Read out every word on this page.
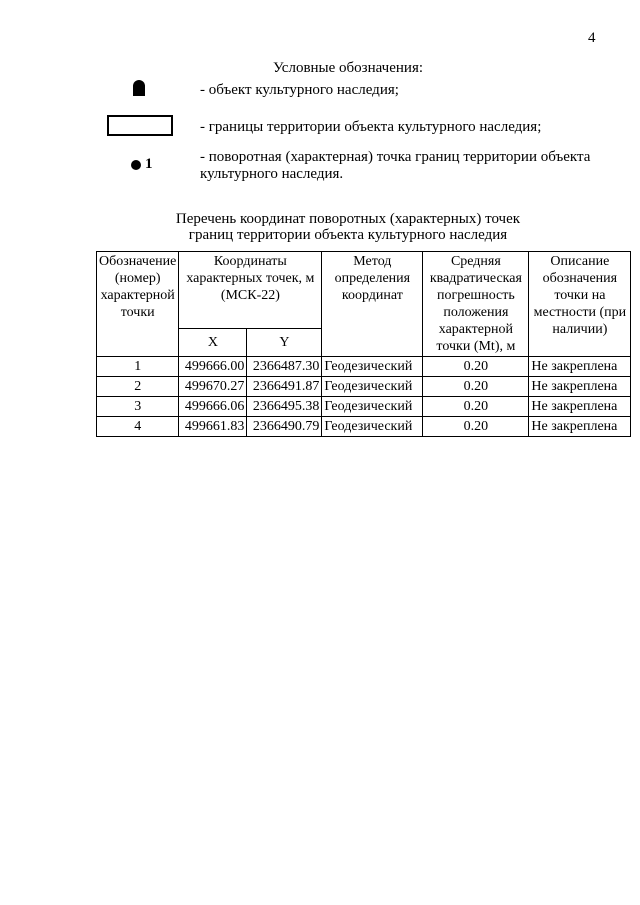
4
Условные обозначения:
- объект культурного наследия;
- границы территории объекта культурного наследия;
1	- поворотная (характерная) точка границ территории объекта культурного наследия.
Перечень координат поворотных (характерных) точек
границ территории объекта культурного наследия
Обозначение (номер) характерной точки	Координаты характерных точек, м (МСК-22)		Метод определения координат	Средняя квадратическая погрешность положения характерной точки (Mt), м	Описание обозначения точки на местности (при наличии)
	X	Y			
1	499666.00	2366487.30	Геодезический	0.20	Не закреплена
2	499670.27	2366491.87	Геодезический	0.20	Не закреплена
3	499666.06	2366495.38	Геодезический	0.20	Не закреплена
4	499661.83	2366490.79	Геодезический	0.20	Не закреплена
